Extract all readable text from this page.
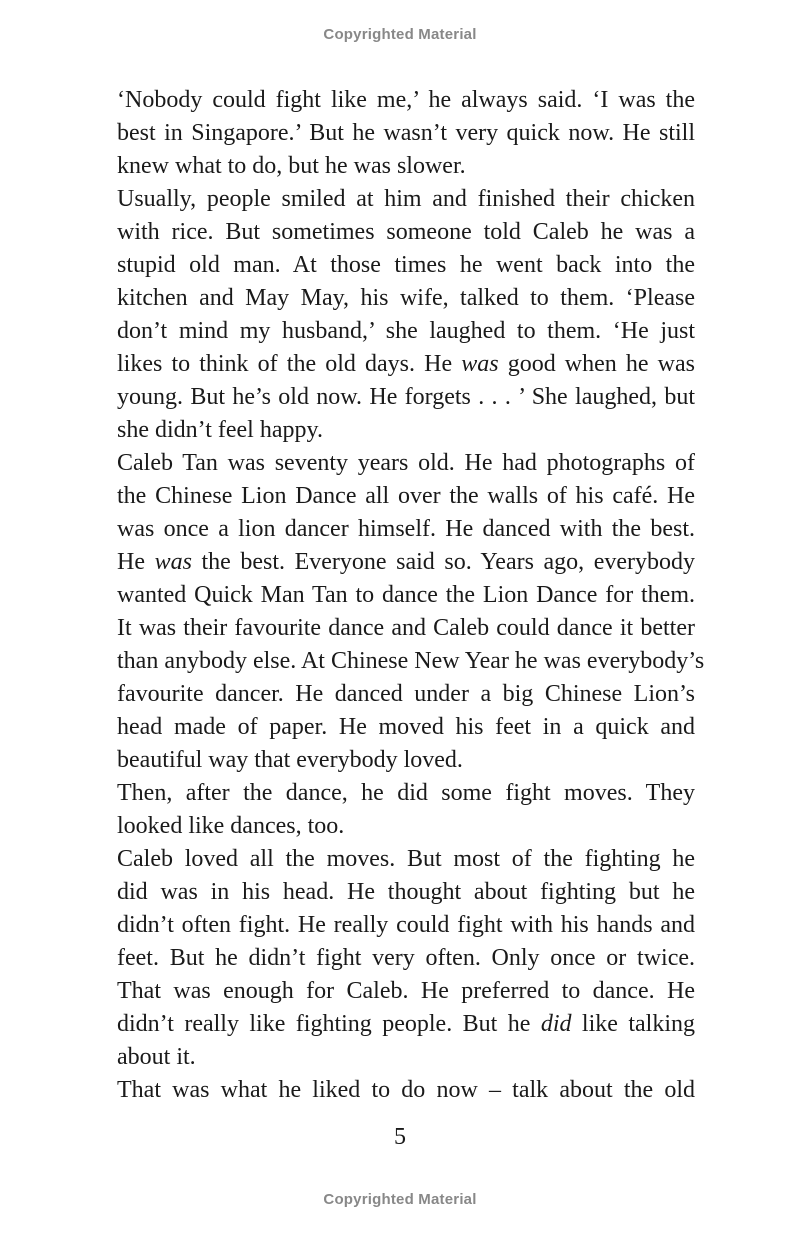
Copyrighted Material
‘Nobody could fight like me,’ he always said. ‘I was the
best in Singapore.’ But he wasn’t very quick now. He still
knew what to do, but he was slower.
Usually, people smiled at him and finished their chicken
with rice. But sometimes someone told Caleb he was a
stupid old man. At those times he went back into the
kitchen and May May, his wife, talked to them. ‘Please
don’t mind my husband,’ she laughed to them. ‘He just
likes to think of the old days. He was good when he was
young. But he’s old now. He forgets . . . ’ She laughed, but
she didn’t feel happy.
Caleb Tan was seventy years old. He had photographs of
the Chinese Lion Dance all over the walls of his café. He
was once a lion dancer himself. He danced with the best.
He was the best. Everyone said so. Years ago, everybody
wanted Quick Man Tan to dance the Lion Dance for them.
It was their favourite dance and Caleb could dance it better
than anybody else. At Chinese New Year he was everybody’s
favourite dancer. He danced under a big Chinese Lion’s
head made of paper. He moved his feet in a quick and
beautiful way that everybody loved.
Then, after the dance, he did some fight moves. They
looked like dances, too.
Caleb loved all the moves. But most of the fighting he
did was in his head. He thought about fighting but he
didn’t often fight. He really could fight with his hands and
feet. But he didn’t fight very often. Only once or twice.
That was enough for Caleb. He preferred to dance. He
didn’t really like fighting people. But he did like talking
about it.
That was what he liked to do now – talk about the old
5
Copyrighted Material
